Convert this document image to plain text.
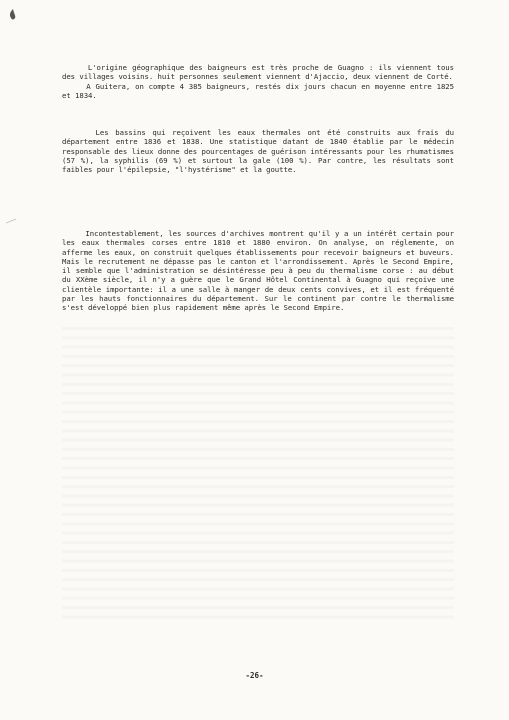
L'origine géographique des baigneurs est très proche de Guagno : ils viennent tous des villages voisins. huit personnes seulement viennent d'Ajaccio, deux viennent de Corté.
A Guitera, on compte 4 385 baigneurs, restés dix jours chacun en moyenne entre 1825 et 1834.

Les bassins qui reçoivent les eaux thermales ont été construits aux frais du département entre 1836 et 1838. Une statistique datant de 1840 établie par le médecin responsable des lieux donne des pourcentages de guérison intéressants pour les rhumatismes (57 %), la syphilis (69 %) et surtout la gale (100 %). Par contre, les résultats sont faibles pour l'épilepsie, "l'hystérisme" et la goutte.

Incontestablement, les sources d'archives montrent qu'il y a un intérêt certain pour les eaux thermales corses entre 1810 et 1880 environ. On analyse, on réglemente, on afferme les eaux, on construit quelques établissements pour recevoir baigneurs et buveurs. Mais le recrutement ne dépasse pas le canton et l'arrondissement. Après le Second Empire, il semble que l'administration se désintéresse peu à peu du thermalisme corse : au début du XXème siècle, il n'y a guère que le Grand Hôtel Continental à Guagno qui reçoive une clientèle importante: il a une salle à manger de deux cents convives, et il est fréquenté par les hauts fonctionnaires du département. Sur le continent par contre le thermalisme s'est développé bien plus rapidement même après le Second Empire.

-26-
